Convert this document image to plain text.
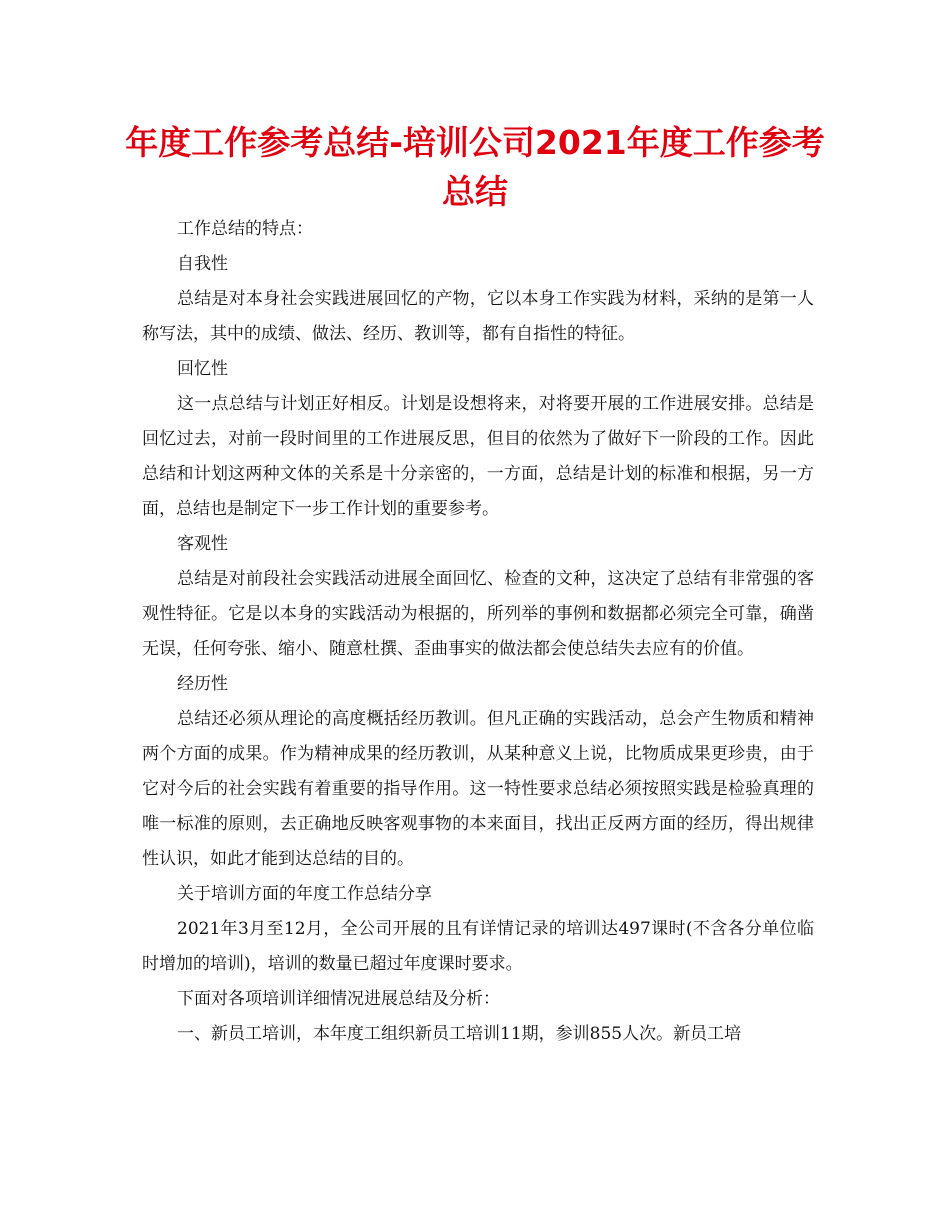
年度工作参考总结-培训公司2021年度工作参考总结

工作总结的特点：

自我性

总结是对本身社会实践进展回忆的产物，它以本身工作实践为材料，采纳的是第一人称写法，其中的成绩、做法、经历、教训等，都有自指性的特征。

回忆性

这一点总结与计划正好相反。计划是设想将来，对将要开展的工作进展安排。总结是回忆过去，对前一段时间里的工作进展反思，但目的依然为了做好下一阶段的工作。因此总结和计划这两种文体的关系是十分亲密的，一方面，总结是计划的标准和根据，另一方面，总结也是制定下一步工作计划的重要参考。

客观性

总结是对前段社会实践活动进展全面回忆、检查的文种，这决定了总结有非常强的客观性特征。它是以本身的实践活动为根据的，所列举的事例和数据都必须完全可靠，确凿无误，任何夸张、缩小、随意杜撰、歪曲事实的做法都会使总结失去应有的价值。

经历性

总结还必须从理论的高度概括经历教训。但凡正确的实践活动，总会产生物质和精神两个方面的成果。作为精神成果的经历教训，从某种意义上说，比物质成果更珍贵，由于它对今后的社会实践有着重要的指导作用。这一特性要求总结必须按照实践是检验真理的唯一标准的原则，去正确地反映客观事物的本来面目，找出正反两方面的经历，得出规律性认识，如此才能到达总结的目的。

关于培训方面的年度工作总结分享

2021年3月至12月，全公司开展的且有详情记录的培训达497课时(不含各分单位临时增加的培训)，培训的数量已超过年度课时要求。

下面对各项培训详细情况进展总结及分析：

一、新员工培训，本年度工组织新员工培训11期，参训855人次。新员工培
